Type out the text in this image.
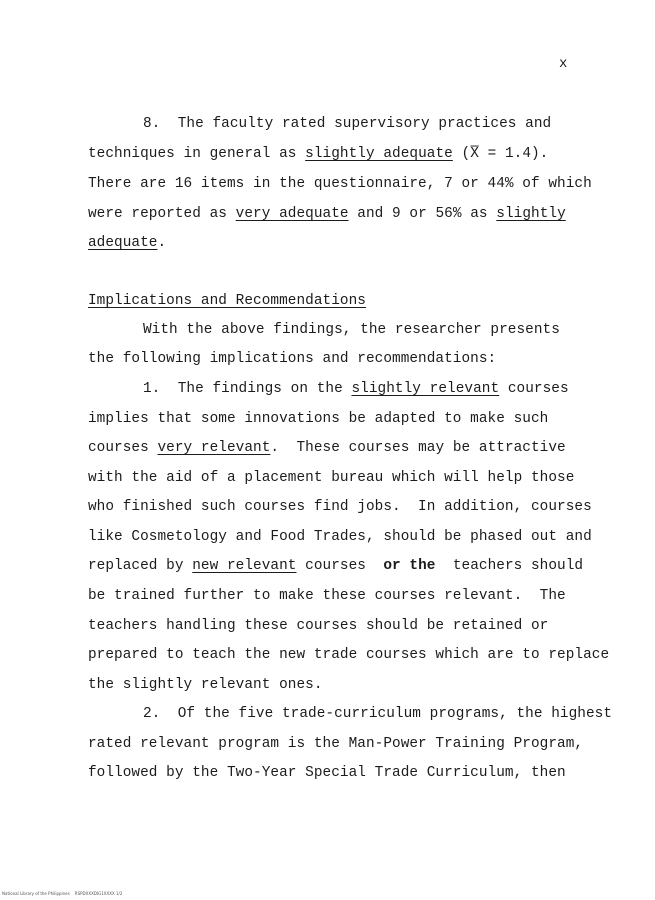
x
8.  The faculty rated supervisory practices and
techniques in general as slightly adequate (X̅ = 1.4).
There are 16 items in the questionnaire, 7 or 44% of which
were reported as very adequate and 9 or 56% as slightly
adequate.
Implications and Recommendations
With the above findings, the researcher presents
the following implications and recommendations:
1.  The findings on the slightly relevant courses
implies that some innovations be adapted to make such
courses very relevant.  These courses may be attractive
with the aid of a placement bureau which will help those
who finished such courses find jobs.  In addition, courses
like Cosmetology and Food Trades, should be phased out and
replaced by new relevant courses  or the  teachers should
be trained further to make these courses relevant.  The
teachers handling these courses should be retained or
prepared to teach the new trade courses which are to replace
the slightly relevant ones.
2.  Of the five trade-curriculum programs, the highest
rated relevant program is the Man-Power Training Program,
followed by the Two-Year Special Trade Curriculum, then
National Library of the Philippines    RSPDXXXDIG1XXXX 1/2
